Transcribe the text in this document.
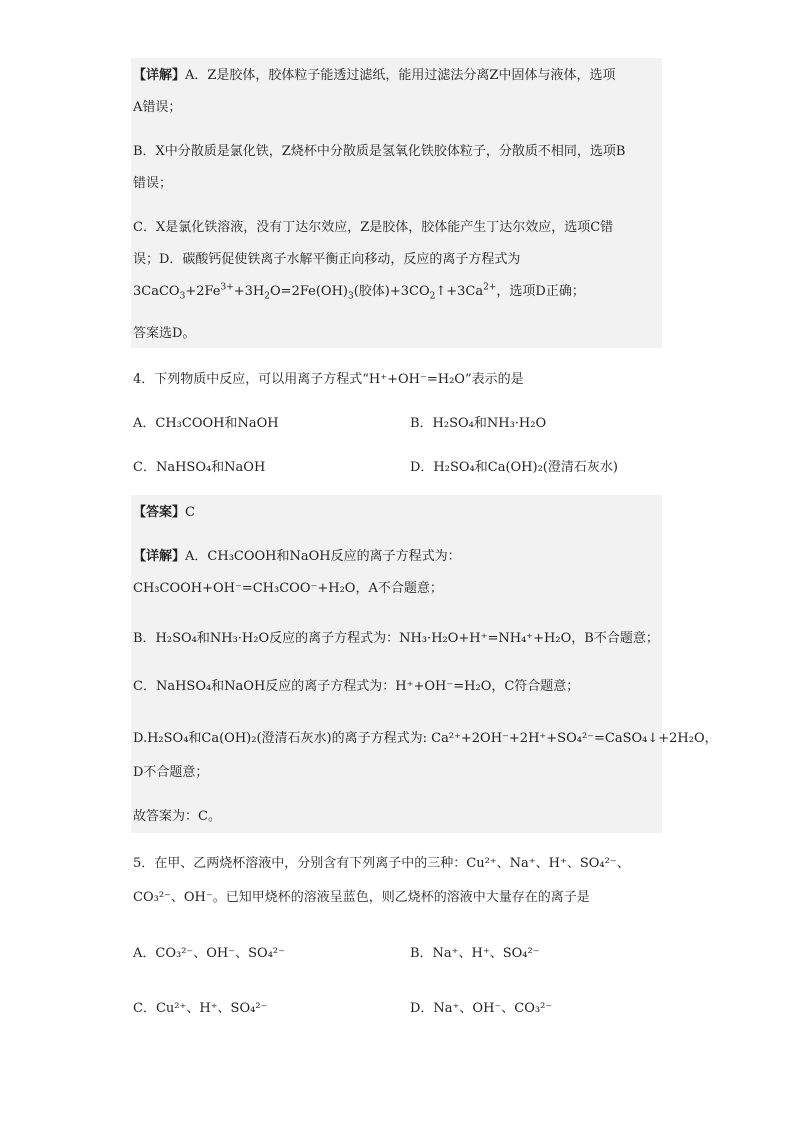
【详解】A．Z是胶体，胶体粒子能透过滤纸，能用过滤法分离Z中固体与液体，选项
A错误；
B．X中分散质是氯化铁，Z烧杯中分散质是氢氧化铁胶体粒子，分散质不相同，选项B
错误；
C．X是氯化铁溶液，没有丁达尔效应，Z是胶体，胶体能产生丁达尔效应，选项C错
误；D．碳酸钙促使铁离子水解平衡正向移动，反应的离子方程式为
$3CaCO_3+2Fe^{3+}+3H_2O=2Fe(OH)_3$(胶体)$+3CO_2↑+3Ca^{2+}$，选项D正确；
答案选D。
4．下列物质中反应，可以用离子方程式“H⁺+OH⁻=H₂O”表示的是
A．CH₃COOH和NaOH	B．H₂SO₄和NH₃·H₂O
C．NaHSO₄和NaOH	D．H₂SO₄和Ca(OH)₂(澄清石灰水)
【答案】C
【详解】A．CH₃COOH和NaOH反应的离子方程式为：
CH₃COOH+OH⁻=CH₃COO⁻+H₂O，A不合题意；
B．H₂SO₄和NH₃·H₂O反应的离子方程式为：NH₃·H₂O+H⁺=NH₄⁺+H₂O，B不合题意；
C．NaHSO₄和NaOH反应的离子方程式为：H⁺+OH⁻=H₂O，C符合题意；
D.H₂SO₄和Ca(OH)₂(澄清石灰水)的离子方程式为: Ca²⁺+2OH⁻+2H⁺+SO₄²⁻=CaSO₄↓+2H₂O，
D不合题意；
故答案为：C。
5．在甲、乙两烧杯溶液中，分别含有下列离子中的三种：Cu²⁺、Na⁺、H⁺、SO₄²⁻、
CO₃²⁻、OH⁻。已知甲烧杯的溶液呈蓝色，则乙烧杯的溶液中大量存在的离子是
A．CO₃²⁻、OH⁻、SO₄²⁻	B．Na⁺、H⁺、SO₄²⁻
C．Cu²⁺、H⁺、SO₄²⁻	D．Na⁺、OH⁻、CO₃²⁻
